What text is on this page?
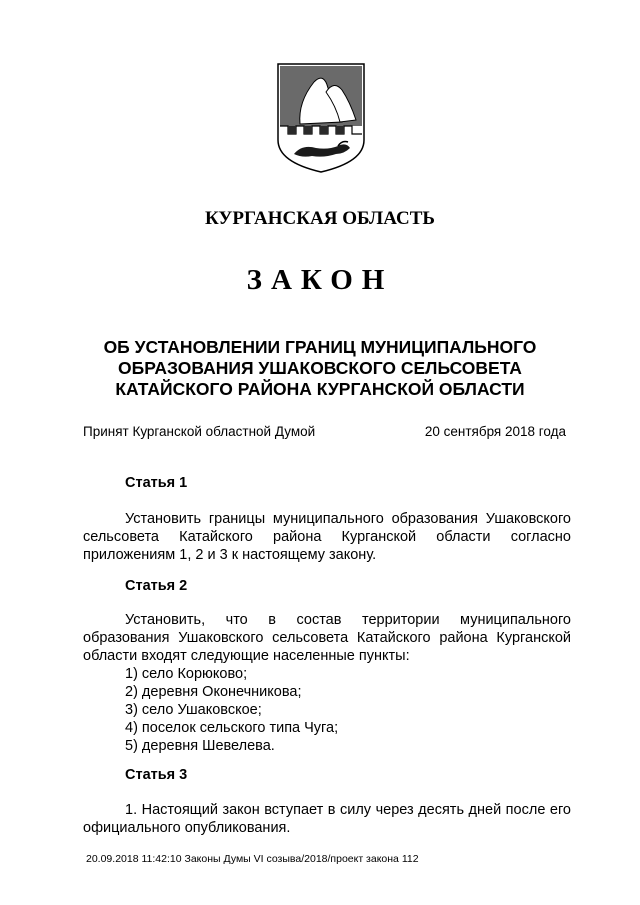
КУРГАНСКАЯ ОБЛАСТЬ
ЗАКОН
ОБ УСТАНОВЛЕНИИ ГРАНИЦ МУНИЦИПАЛЬНОГО
ОБРАЗОВАНИЯ УШАКОВСКОГО СЕЛЬСОВЕТА
КАТАЙСКОГО РАЙОНА КУРГАНСКОЙ ОБЛАСТИ
Принят Курганской областной Думой	20 сентября 2018 года
Статья 1
Установить границы муниципального образования Ушаковского сельсовета Катайского района Курганской области согласно приложениям 1, 2 и 3 к настоящему закону.
Статья 2
Установить, что в состав территории муниципального образования Ушаковского сельсовета Катайского района Курганской области входят следующие населенные пункты:
1) село Корюково;
2) деревня Оконечникова;
3) село Ушаковское;
4) поселок сельского типа Чуга;
5) деревня Шевелева.
Статья 3
1. Настоящий закон вступает в силу через десять дней после его официального опубликования.
20.09.2018 11:42:10 Законы Думы VI созыва/2018/проект закона 112
